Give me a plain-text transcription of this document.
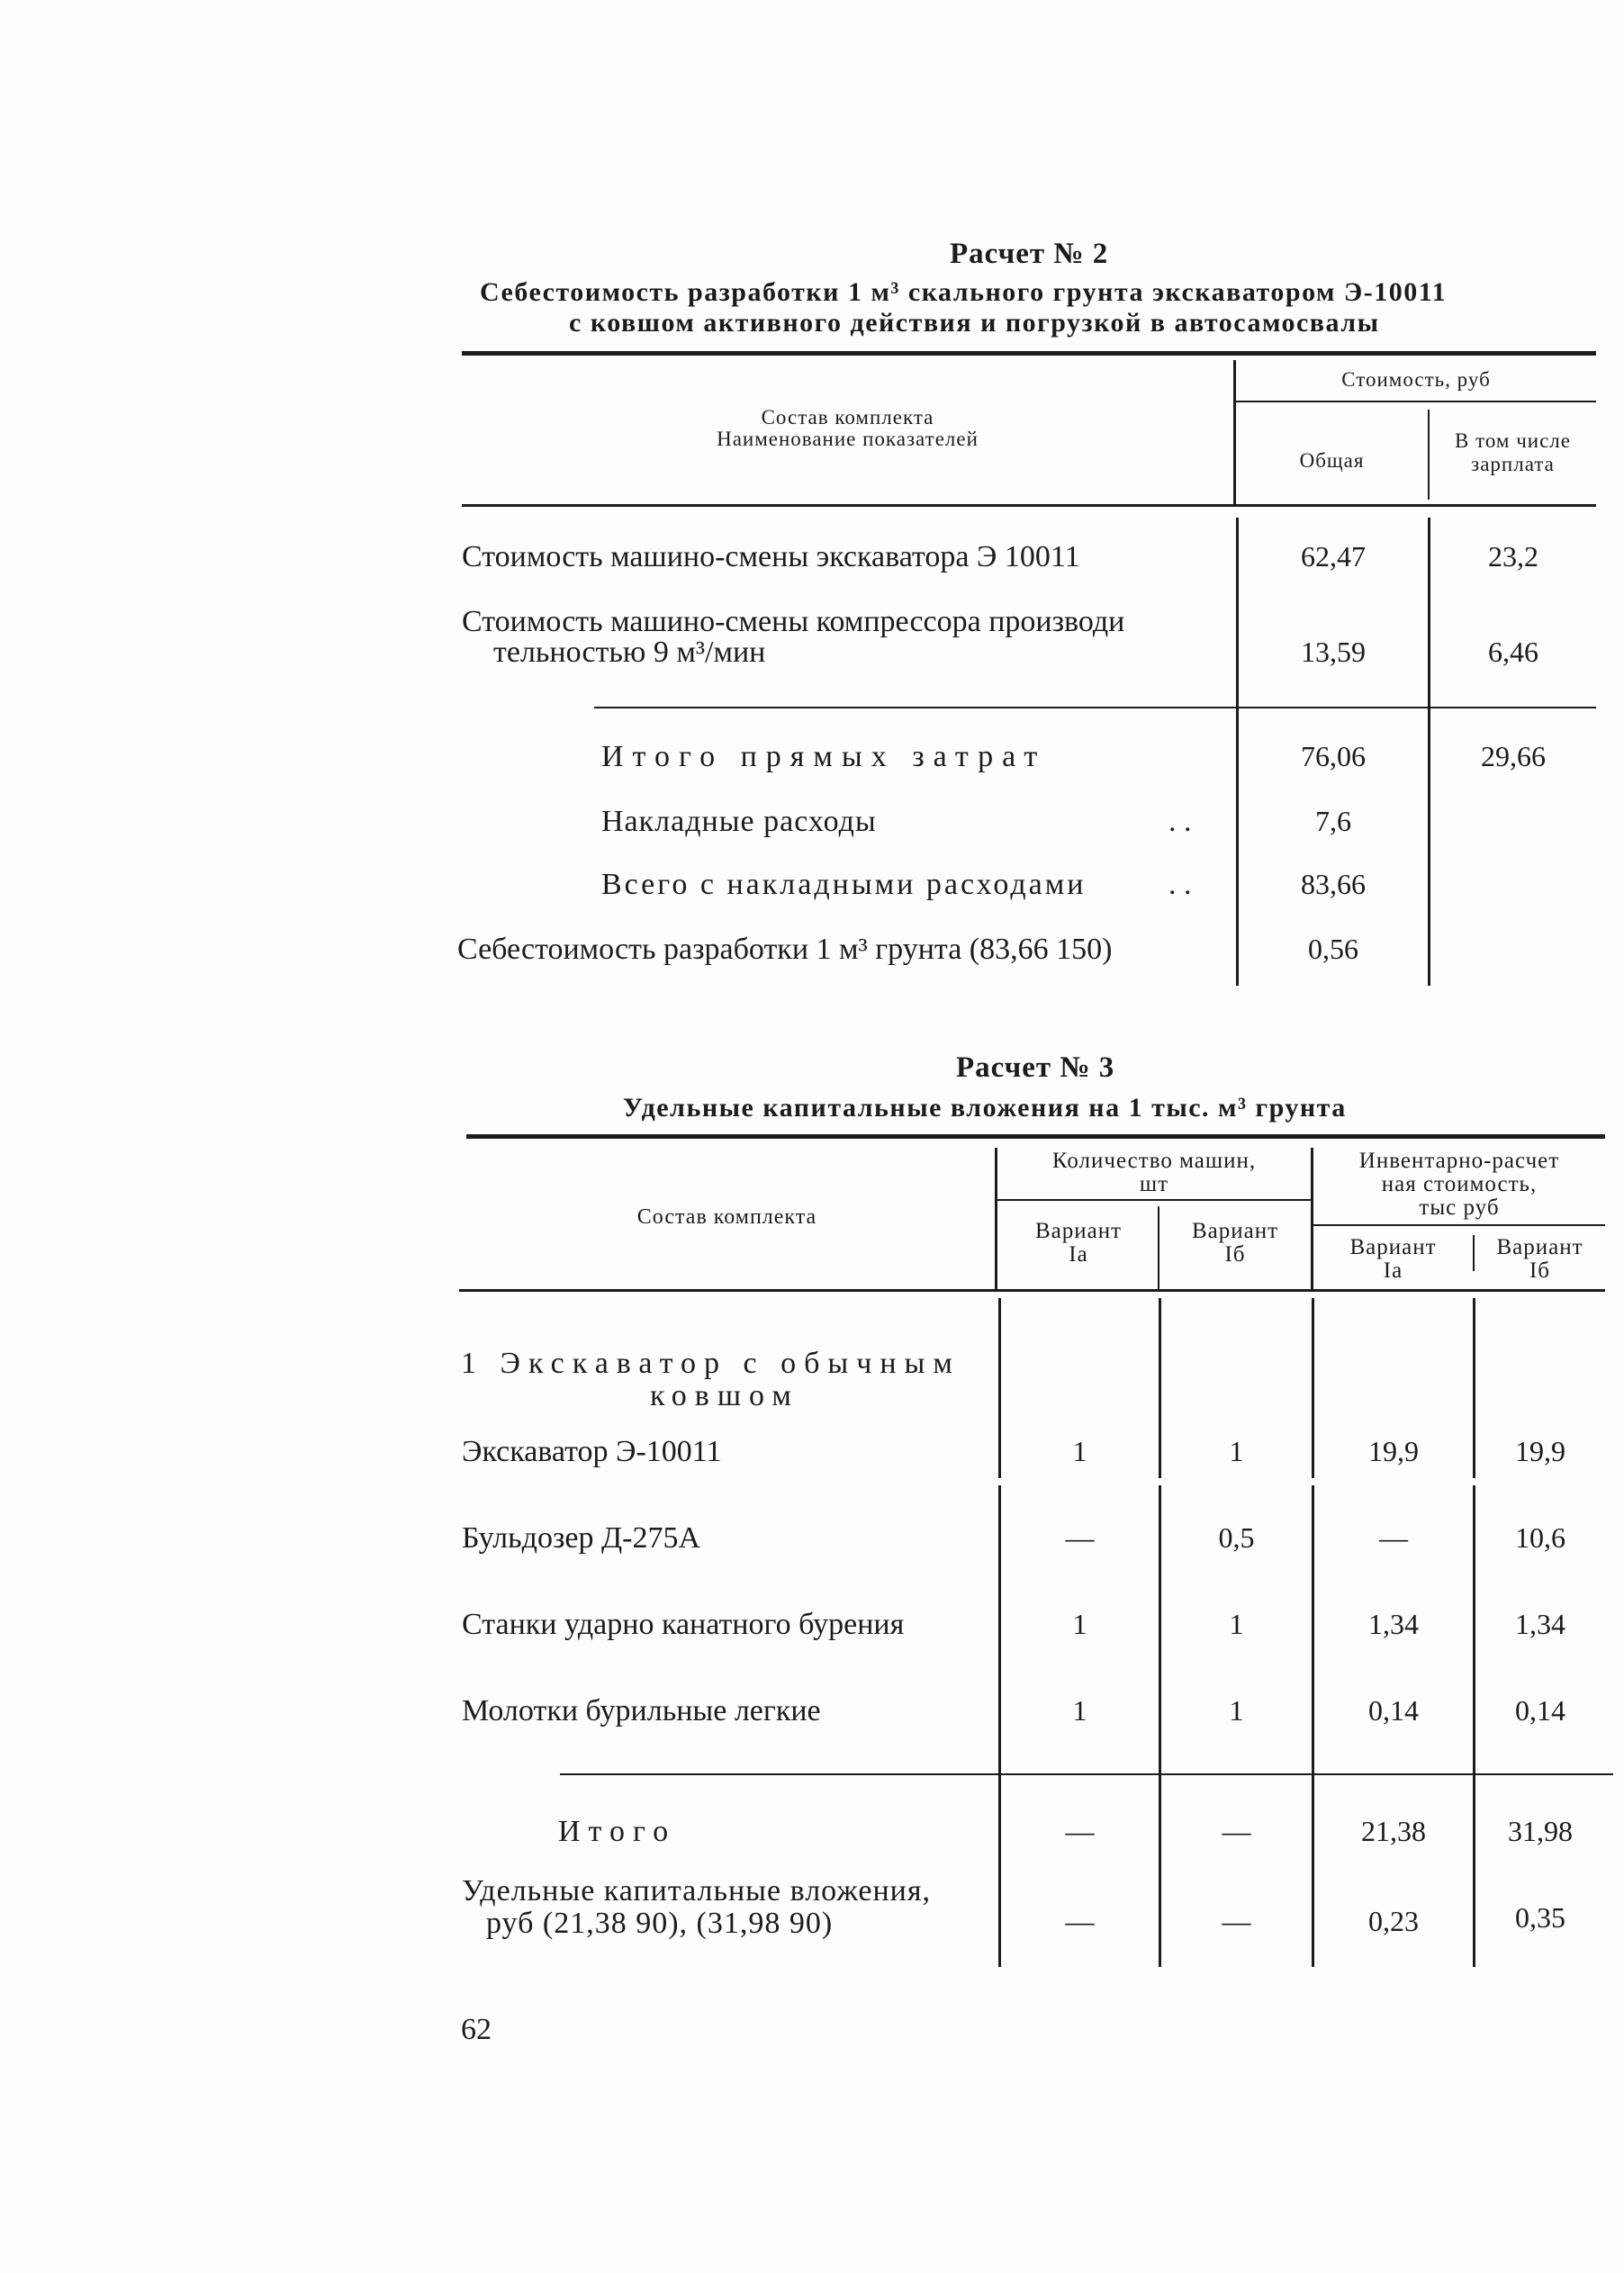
Расчет № 2
Себестоимость разработки 1 м³ скального грунта экскаватором Э-10011
с ковшом активного действия и погрузкой в автосамосвалы
Состав комплекта
Наименование показателей
Стоимость, руб
Общая
В том числе
зарплата
Стоимость машино-смены экскаватора Э 10011	62,47	23,2
Стоимость машино-смены компрессора производи
тельностью 9 м³/мин	13,59	6,46
Итого прямых затрат	76,06	29,66
Накладные расходы	. .	7,6
Всего с накладными расходами	. .	83,66
Себестоимость разработки 1 м³ грунта (83,66 150)	0,56
Расчет № 3
Удельные капитальные вложения на 1 тыс. м³ грунта
Состав комплекта
Количество машин,
шт
Инвентарно-расчет
ная стоимость,
тыс руб
Вариант
Iа
Вариант
Iб	Вариант
Iа
Вариант
Iб
1 Экскаватор с обычным
ковшом
Экскаватор Э-10011	1	1	19,9	19,9
Бульдозер Д-275А	—	0,5	—	10,6
Станки ударно канатного бурения	1	1	1,34	1,34
Молотки бурильные легкие	1	1	0,14	0,14
Итого	—	—	21,38	31,98
Удельные капитальные вложения,
руб (21,38 90), (31,98 90)	—	—	0,23	0,35
62
